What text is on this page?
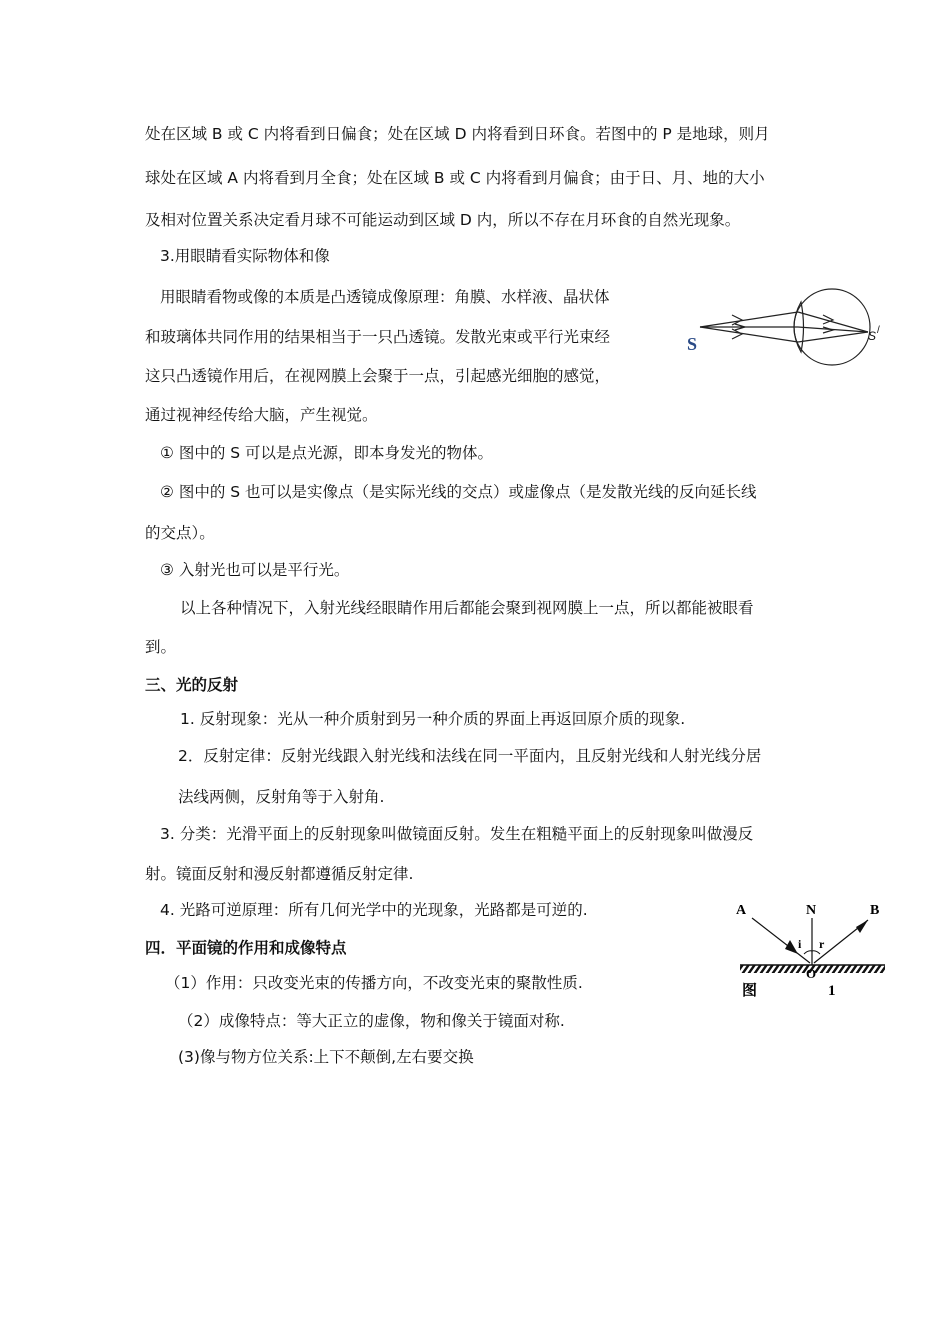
处在区域 B 或 C 内将看到日偏食；处在区域 D 内将看到日环食。若图中的 P 是地球，则月
球处在区域 A 内将看到月全食；处在区域 B 或 C 内将看到月偏食；由于日、月、地的大小
及相对位置关系决定看月球不可能运动到区域 D 内，所以不存在月环食的自然光现象。
3.用眼睛看实际物体和像
用眼睛看物或像的本质是凸透镜成像原理：角膜、水样液、晶状体
和玻璃体共同作用的结果相当于一只凸透镜。发散光束或平行光束经
这只凸透镜作用后，在视网膜上会聚于一点，引起感光细胞的感觉，
通过视神经传给大脑，产生视觉。
S	S /
① 图中的 S 可以是点光源，即本身发光的物体。
② 图中的 S 也可以是实像点（是实际光线的交点）或虚像点（是发散光线的反向延长线
的交点）。
③ 入射光也可以是平行光。
以上各种情况下，入射光线经眼睛作用后都能会聚到视网膜上一点，所以都能被眼看
到。
三、光的反射
1. 反射现象：光从一种介质射到另一种介质的界面上再返回原介质的现象.
2．反射定律：反射光线跟入射光线和法线在同一平面内，且反射光线和人射光线分居
法线两侧，反射角等于入射角.
3. 分类：光滑平面上的反射现象叫做镜面反射。发生在粗糙平面上的反射现象叫做漫反
射。镜面反射和漫反射都遵循反射定律.
4. 光路可逆原理：所有几何光学中的光现象，光路都是可逆的.
四．平面镜的作用和成像特点
（1）作用：只改变光束的传播方向，不改变光束的聚散性质.
（2）成像特点：等大正立的虚像，物和像关于镜面对称.
(3)像与物方位关系:上下不颠倒,左右要交换
A	N	B
i r
O
图	1
